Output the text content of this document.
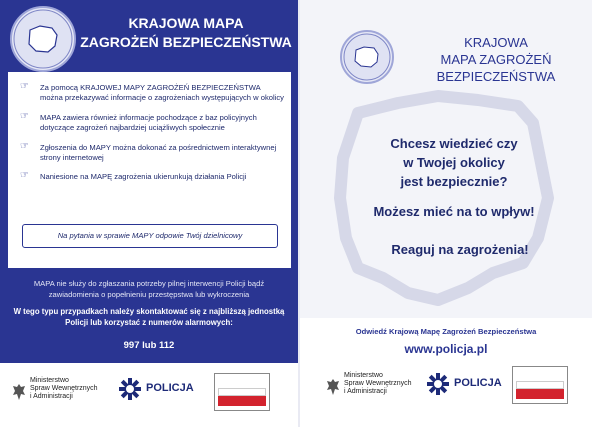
KRAJOWA MAPA
ZAGROŻEŃ BEZPIECZEŃSTWA
☞ Za pomocą KRAJOWEJ MAPY ZAGROŻEŃ BEZPIECZEŃSTWA można przekazywać informacje o zagrożeniach występujących w okolicy
☞ MAPA zawiera również informacje pochodzące z baz policyjnych dotyczące zagrożeń najbardziej uciążliwych społecznie
☞ Zgłoszenia do MAPY można dokonać za pośrednictwem interaktywnej strony internetowej
☞ Naniesione na MAPĘ zagrożenia ukierunkują działania Policji
Na pytania w sprawie MAPY odpowie Twój dzielnicowy
MAPA nie służy do zgłaszania potrzeby pilnej interwencji Policji bądź zawiadomienia o popełnieniu przestępstwa lub wykroczenia
W tego typu przypadkach należy skontaktować się z najbliższą jednostką Policji lub korzystać z numerów alarmowych:
997 lub 112
Ministerstwo
Spraw Wewnętrznych
i Administracji
POLICJA
KRAJOWA
MAPA ZAGROŻEŃ
BEZPIECZEŃSTWA
Chcesz wiedzieć czy
w Twojej okolicy
jest bezpiecznie?
Możesz mieć na to wpływ!
Reaguj na zagrożenia!
Odwiedź Krajową Mapę Zagrożeń Bezpieczeństwa
www.policja.pl
Ministerstwo
Spraw Wewnętrznych
i Administracji
POLICJA
